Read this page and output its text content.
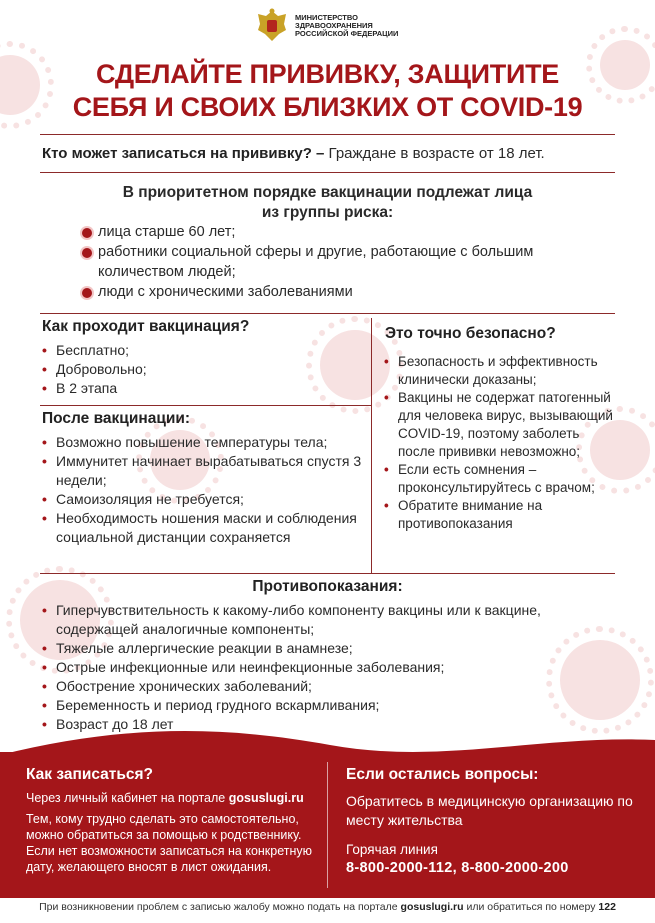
МИНИСТЕРСТВО
ЗДРАВООХРАНЕНИЯ
РОССИЙСКОЙ ФЕДЕРАЦИИ
СДЕЛАЙТЕ ПРИВИВКУ, ЗАЩИТИТЕ
СЕБЯ И СВОИХ БЛИЗКИХ ОТ COVID-19
Кто может записаться на прививку? – Граждане в возрасте от 18 лет.
В приоритетном порядке вакцинации подлежат лица
из группы риска:
лица старше 60 лет;
работники социальной сферы и другие, работающие с большим
количеством людей;
люди с хроническими заболеваниями
Как проходит вакцинация?
• Бесплатно;
• Добровольно;
• В 2 этапа
После вакцинации:
• Возможно повышение температуры тела;
• Иммунитет начинает вырабатываться спустя 3 недели;
• Самоизоляция не требуется;
• Необходимость ношения маски и соблюдения социальной дистанции сохраняется
Это точно безопасно?
• Безопасность и эффективность клинически доказаны;
• Вакцины не содержат патогенный для человека вирус, вызывающий COVID-19, поэтому заболеть после прививки невозможно;
• Если есть сомнения – проконсультируйтесь с врачом;
• Обратите внимание на противопоказания
Противопоказания:
• Гиперчувствительность к какому-либо компоненту вакцины или к вакцине, содержащей аналогичные компоненты;
• Тяжелые аллергические реакции в анамнезе;
• Острые инфекционные или неинфекционные заболевания;
• Обострение хронических заболеваний;
• Беременность и период грудного вскармливания;
• Возраст до 18 лет
Как записаться?
Через личный кабинет на портале gosuslugi.ru
Тем, кому трудно сделать это самостоятельно, можно обратиться за помощью к родственнику.
Если нет возможности записаться на конкретную дату, желающего вносят в лист ожидания.
Если остались вопросы:
Обратитесь в медицинскую организацию по месту жительства
Горячая линия
8-800-2000-112, 8-800-2000-200
При возникновении проблем с записью жалобу можно подать на портале gosuslugi.ru или обратиться по номеру 122
